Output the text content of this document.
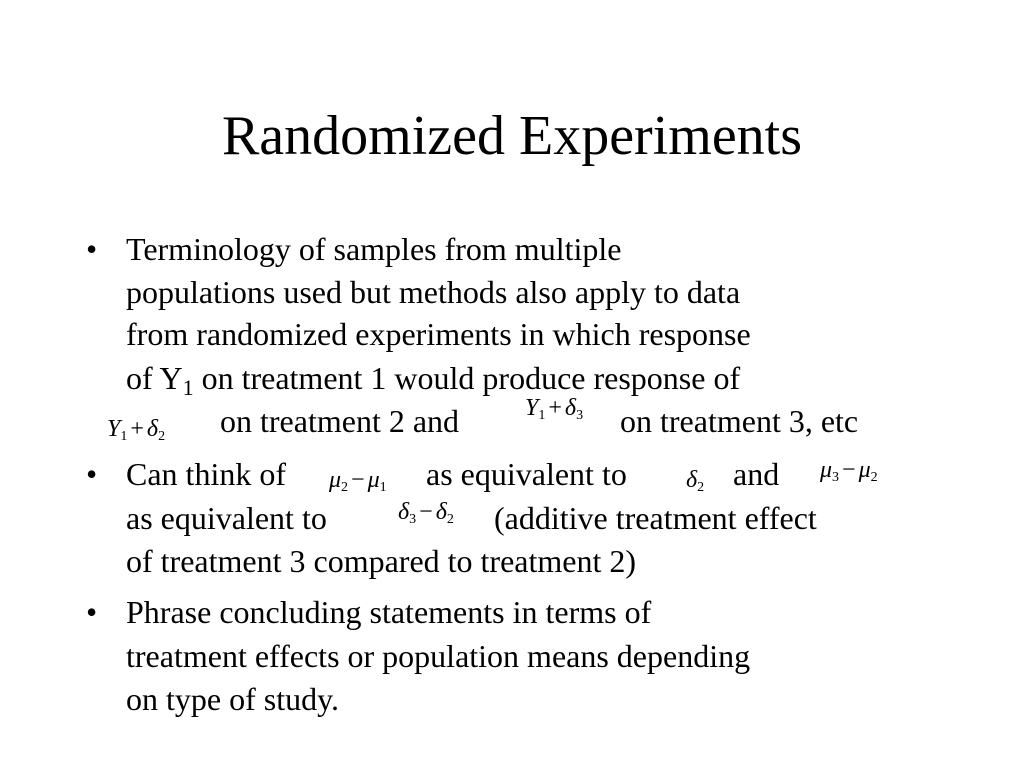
Randomized Experiments
• Terminology of samples from multiple
populations used but methods also apply to data
from randomized experiments in which response
of $Y_1$ on treatment 1 would produce response of
$Y_1 + \delta_2$ on treatment 2 and	$Y_1 + \delta_3$ on treatment 3, etc
• Can think of $\mu_2 - \mu_1$ as equivalent to $\delta_2$ and $\mu_3 - \mu_2$
as equivalent to	$\delta_3 - \delta_2$ (additive treatment effect
of treatment 3 compared to treatment 2)
• Phrase concluding statements in terms of
treatment effects or population means depending
on type of study.
